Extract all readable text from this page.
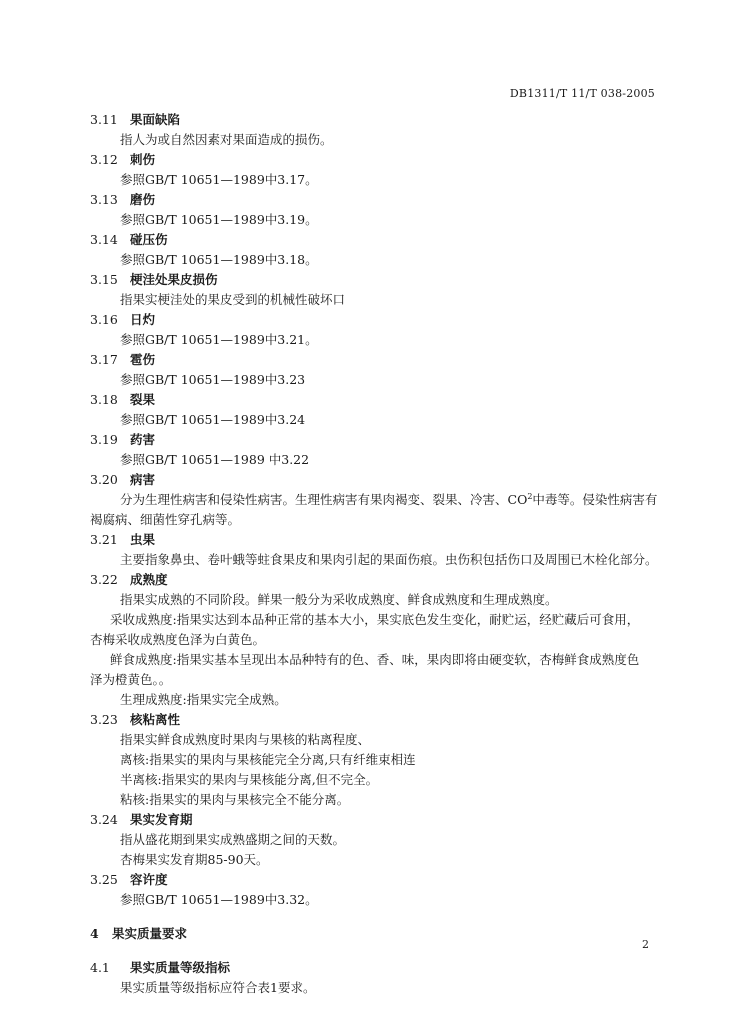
DB1311/T 11/T 038-2005
3.11 果面缺陷
指人为或自然因素对果面造成的损伤。
3.12 刺伤
参照GB/T 10651—1989中3.17。
3.13 磨伤
参照GB/T 10651—1989中3.19。
3.14 碰压伤
参照GB/T 10651—1989中3.18。
3.15 梗洼处果皮损伤
指果实梗洼处的果皮受到的机械性破坏口
3.16 日灼
参照GB/T 10651—1989中3.21。
3.17 雹伤
参照GB/T 10651—1989中3.23
3.18 裂果
参照GB/T 10651—1989中3.24
3.19 药害
参照GB/T 10651—1989 中3.22
3.20 病害
分为生理性病害和侵染性病害。生理性病害有果肉褐变、裂果、冷害、$CO^2$中毒等。侵染性病害有
褐腐病、细菌性穿孔病等。
3.21 虫果
主要指象鼻虫、卷叶蛾等蛀食果皮和果肉引起的果面伤痕。虫伤积包括伤口及周围已木栓化部分。
3.22 成熟度
指果实成熟的不同阶段。鲜果一般分为采收成熟度、鲜食成熟度和生理成熟度。
采收成熟度:指果实达到本品种正常的基本大小，果实底色发生变化，耐贮运，经贮藏后可食用，
杏梅采收成熟度色泽为白黄色。
鲜食成熟度:指果实基本呈现出本品种特有的色、香、味，果肉即将由硬变软，杏梅鲜食成熟度色
泽为橙黄色。。
生理成熟度:指果实完全成熟。
3.23 核粘离性
指果实鲜食成熟度时果肉与果核的粘离程度、
离核:指果实的果肉与果核能完全分离,只有纤维束相连
半离核:指果实的果肉与果核能分离,但不完全。
粘核:指果实的果肉与果核完全不能分离。
3.24 果实发育期
指从盛花期到果实成熟盛期之间的天数。
杏梅果实发育期85-90天。
3.25 容许度
参照GB/T 10651—1989中3.32。
4 果实质量要求
4.1 果实质量等级指标
果实质量等级指标应符合表1要求。
2
